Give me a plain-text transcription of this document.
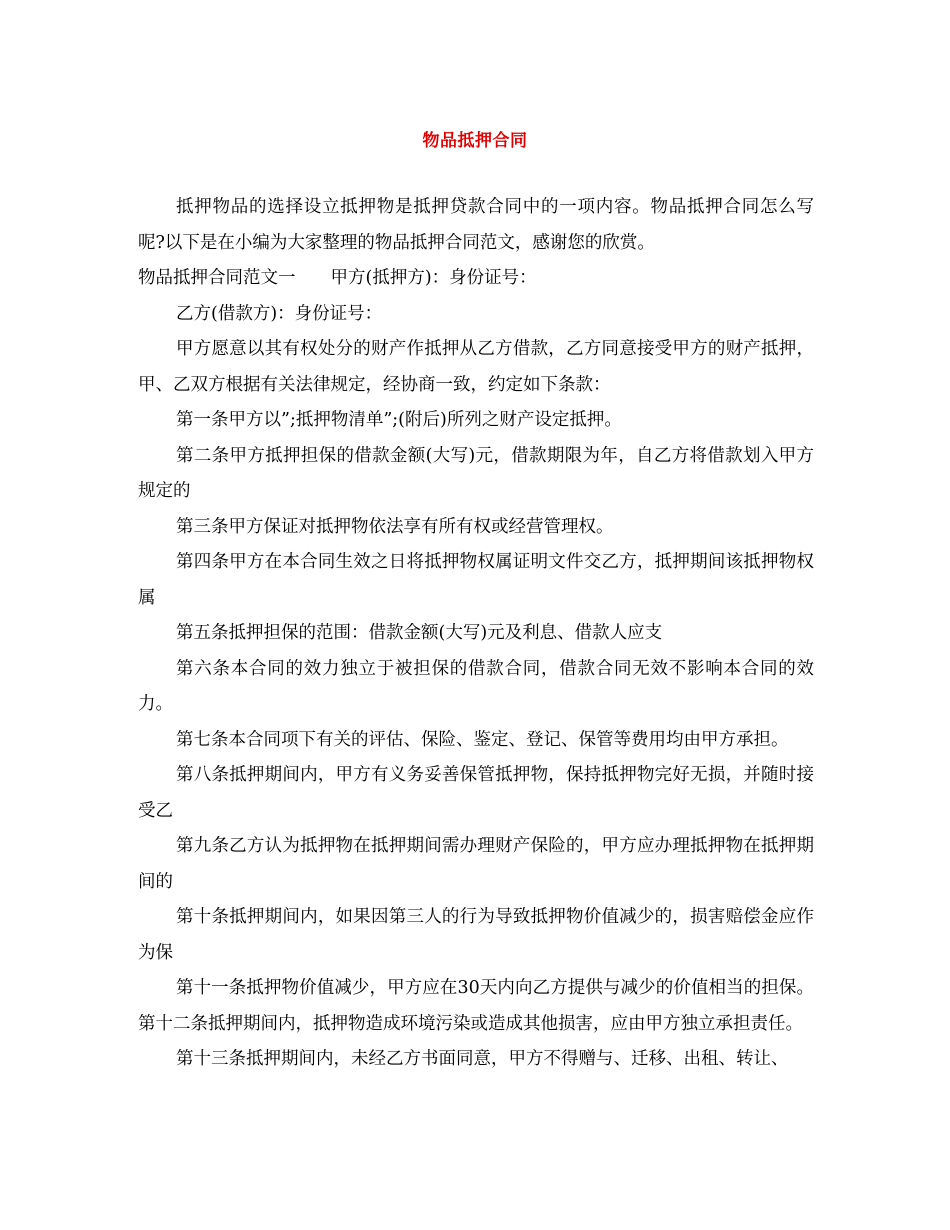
物品抵押合同

抵押物品的选择设立抵押物是抵押贷款合同中的一项内容。物品抵押合同怎么写呢?以下是在小编为大家整理的物品抵押合同范文，感谢您的欣赏。

物品抵押合同范文一　　甲方(抵押方)：身份证号：

乙方(借款方)：身份证号：

甲方愿意以其有权处分的财产作抵押从乙方借款，乙方同意接受甲方的财产抵押，甲、乙双方根据有关法律规定，经协商一致，约定如下条款：

第一条甲方以”;抵押物清单”;(附后)所列之财产设定抵押。

第二条甲方抵押担保的借款金额(大写)元，借款期限为年，自乙方将借款划入甲方规定的

第三条甲方保证对抵押物依法享有所有权或经营管理权。

第四条甲方在本合同生效之日将抵押物权属证明文件交乙方，抵押期间该抵押物权属

第五条抵押担保的范围：借款金额(大写)元及利息、借款人应支

第六条本合同的效力独立于被担保的借款合同，借款合同无效不影响本合同的效力。

第七条本合同项下有关的评估、保险、鉴定、登记、保管等费用均由甲方承担。

第八条抵押期间内，甲方有义务妥善保管抵押物，保持抵押物完好无损，并随时接受乙

第九条乙方认为抵押物在抵押期间需办理财产保险的，甲方应办理抵押物在抵押期间的

第十条抵押期间内，如果因第三人的行为导致抵押物价值减少的，损害赔偿金应作为保

第十一条抵押物价值减少，甲方应在30天内向乙方提供与减少的价值相当的担保。 第十二条抵押期间内，抵押物造成环境污染或造成其他损害，应由甲方独立承担责任。

第十三条抵押期间内，未经乙方书面同意，甲方不得赠与、迁移、出租、转让、
